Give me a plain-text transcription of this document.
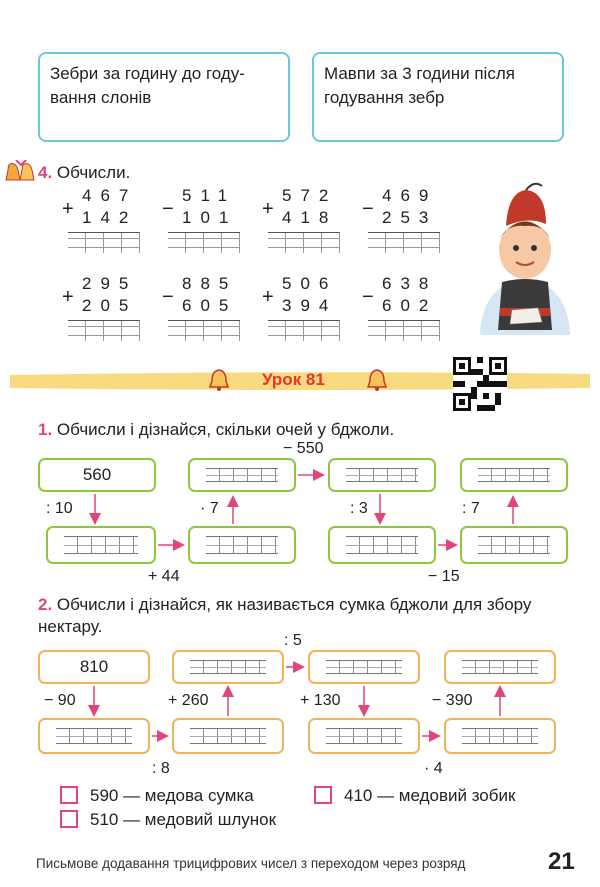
Зебри за годину до году-вання слонів
Мавпи за 3 години після годування зебр
4. Обчисли.
+
467
142 −
511
101 +
572
418 −
469
253
+
295
205 −
885
605 +
506
394 −
638
602
Урок 81
1. Обчисли і дізнайся, скільки очей у бджоли.
560
: 10
+ 44
· 7
− 550
: 3
− 15
: 7
2. Обчисли і дізнайся, як називається сумка бджоли для збору нектару.
810
− 90
: 8
+ 260
: 5
+ 130
· 4
− 390
590 — медова сумка	410 — медовий зобик
510 — медовий шлунок
Письмове додавання трицифрових чисел з переходом через розряд	21
